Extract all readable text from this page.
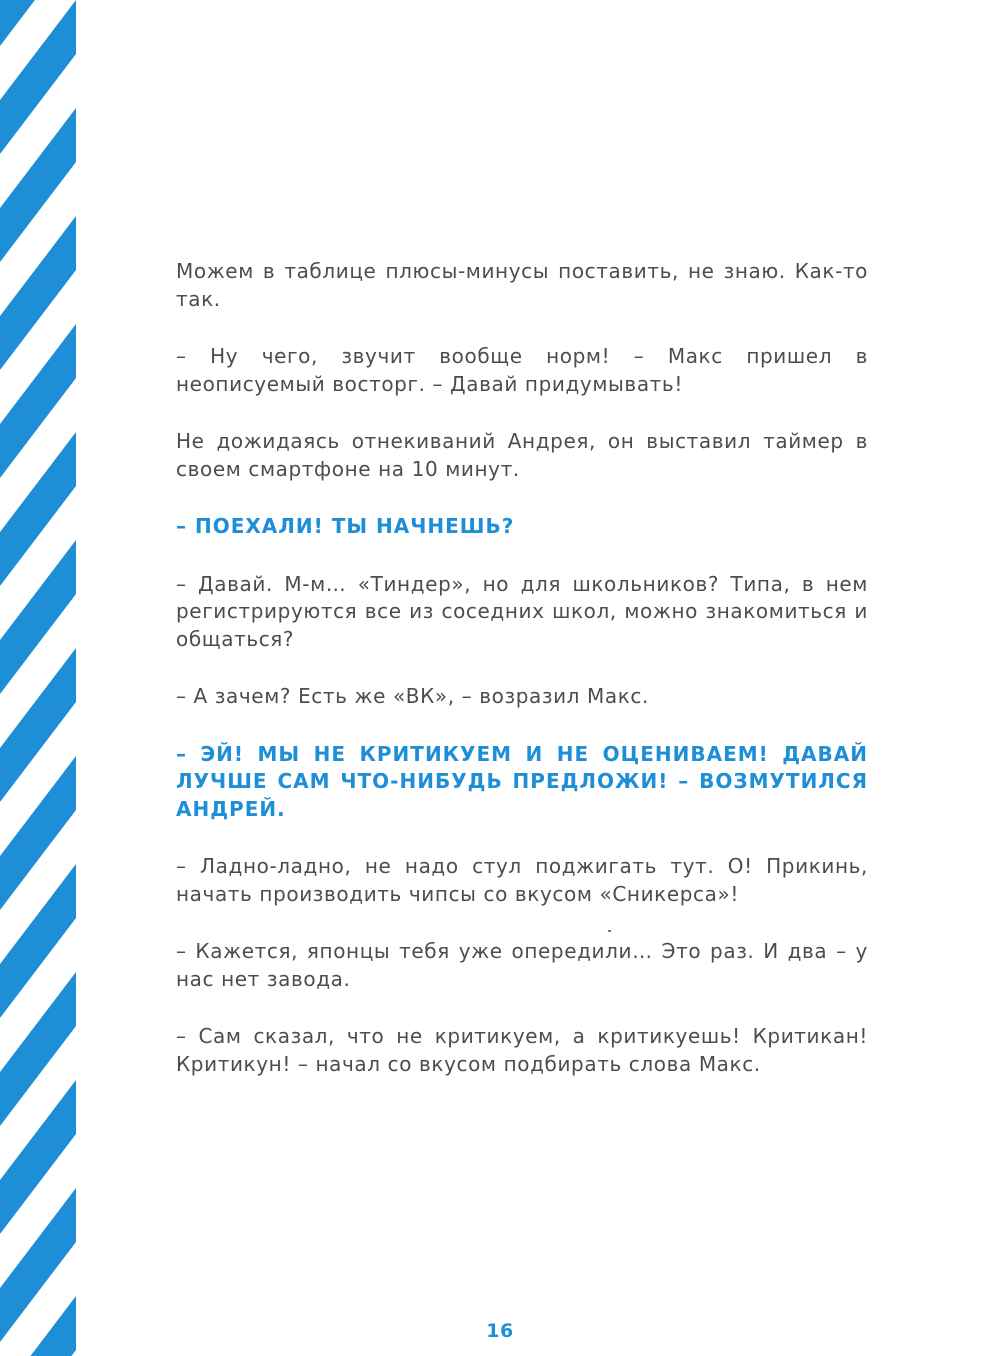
Можем в таблице плюсы-минусы поставить, не знаю. Как-то так.

– Ну чего, звучит вообще норм! – Макс пришел в неописуемый восторг. – Давай придумывать!

Не дожидаясь отнекиваний Андрея, он выставил таймер в своем смартфоне на 10 минут.

– ПОЕХАЛИ! ТЫ НАЧНЕШЬ?

– Давай. М-м… «Тиндер», но для школьников? Типа, в нем регистрируются все из соседних школ, можно знакомиться и общаться?

– А зачем? Есть же «ВК», – возразил Макс.

– ЭЙ! МЫ НЕ КРИТИКУЕМ И НЕ ОЦЕНИВАЕМ! ДАВАЙ ЛУЧШЕ САМ ЧТО-НИБУДЬ ПРЕДЛОЖИ! – ВОЗМУТИЛСЯ АНДРЕЙ.

– Ладно-ладно, не надо стул поджигать тут. О! Прикинь, начать производить чипсы со вкусом «Сникерса»!

– Кажется, японцы тебя уже опередили… Это раз. И два – у нас нет завода.

– Сам сказал, что не критикуем, а критикуешь! Критикан! Критикун! – начал со вкусом подбирать слова Макс.

16
